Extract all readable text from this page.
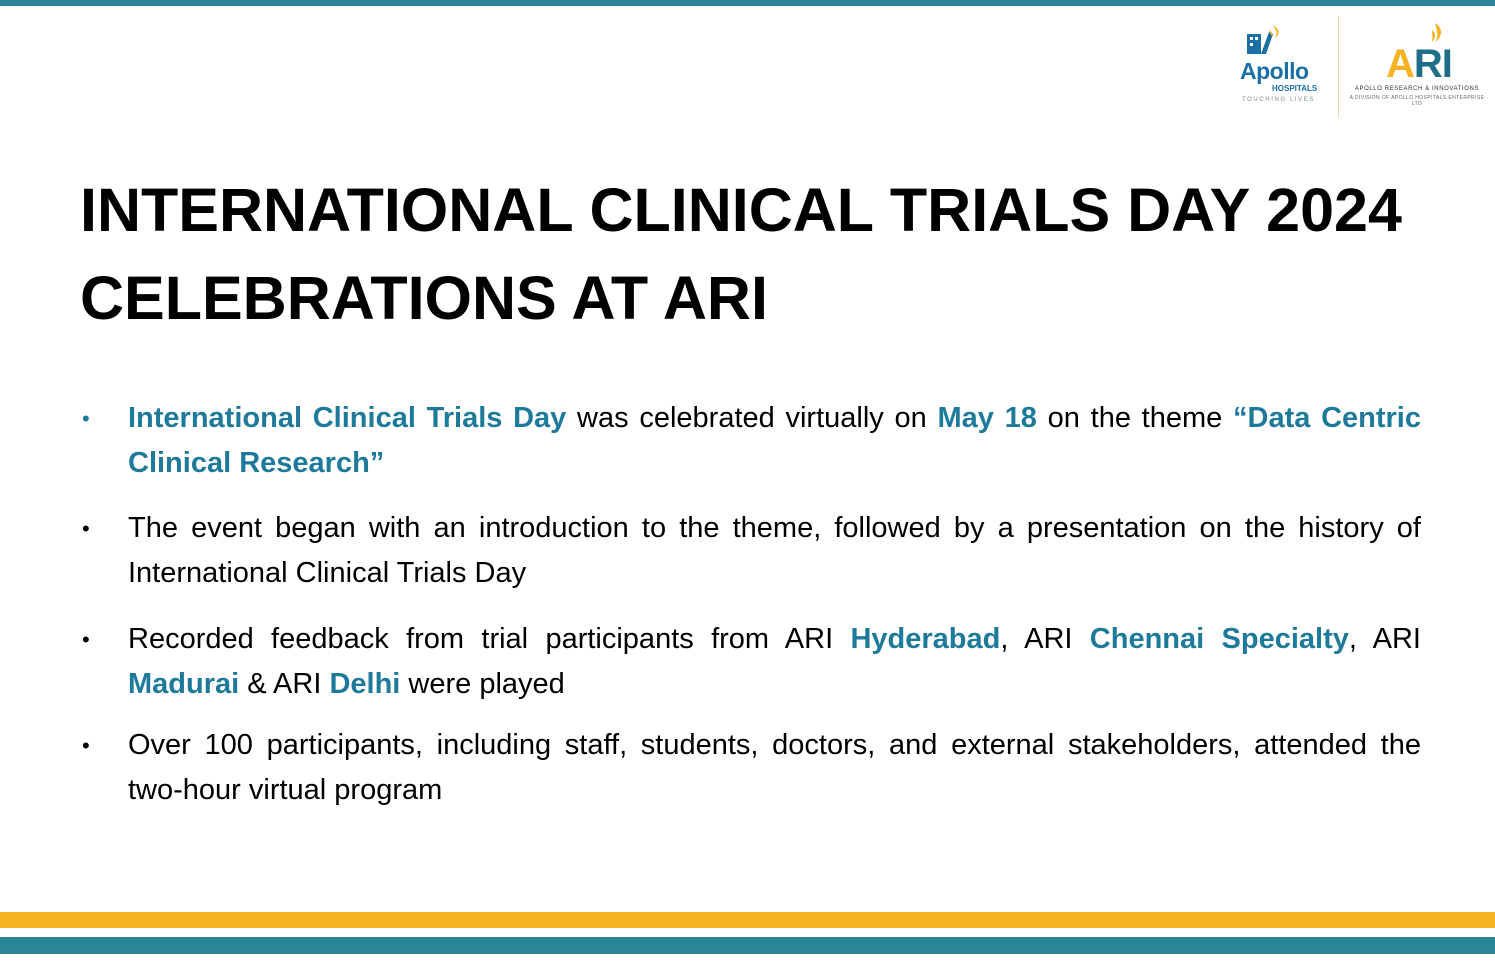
Apollo
HOSPITALS
TOUCHING LIVES
ARI
APOLLO RESEARCH & INNOVATIONS
A DIVISION OF APOLLO HOSPITALS ENTERPRISE LTD
INTERNATIONAL CLINICAL TRIALS DAY 2024
CELEBRATIONS AT ARI
• International Clinical Trials Day was celebrated virtually on May 18 on the theme “Data Centric Clinical Research”
• The event began with an introduction to the theme, followed by a presentation on the history of International Clinical Trials Day
• Recorded feedback from trial participants from ARI Hyderabad, ARI Chennai Specialty, ARI Madurai & ARI Delhi were played
• Over 100 participants, including staff, students, doctors, and external stakeholders, attended the two-hour virtual program
